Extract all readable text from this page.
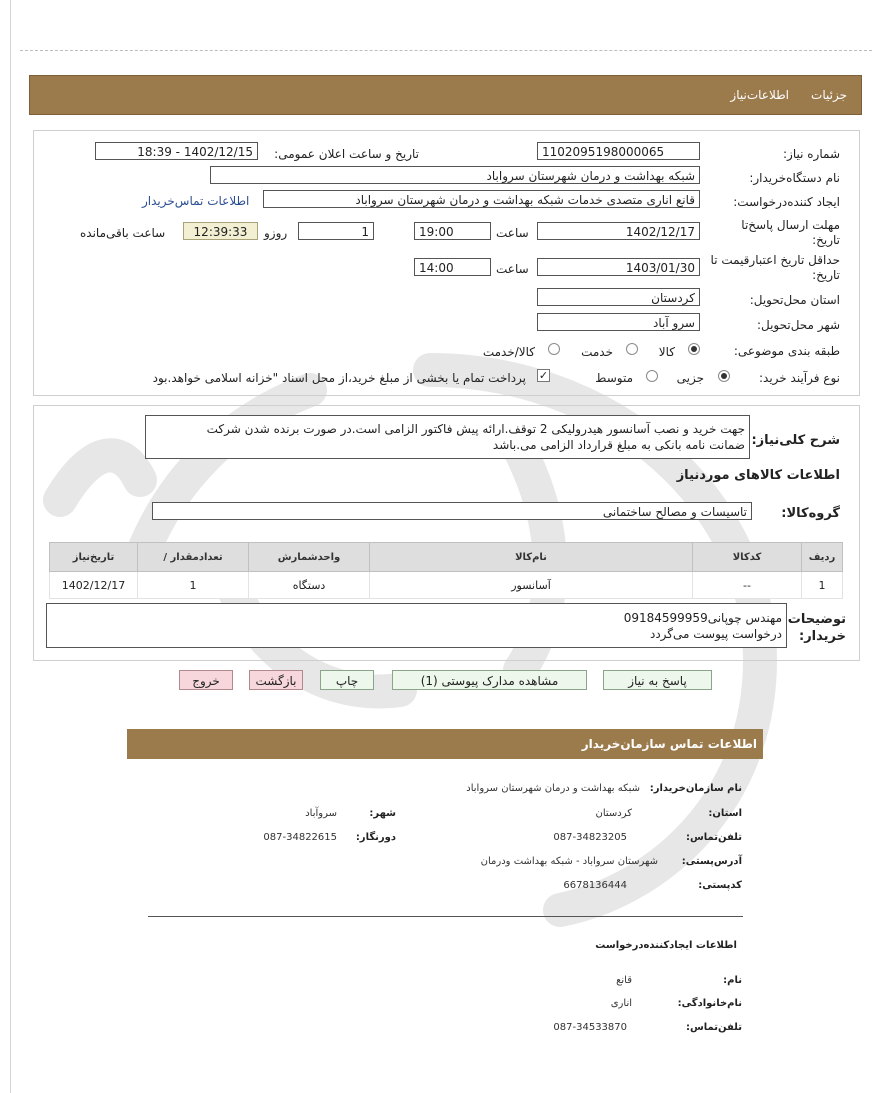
جزئیات
اطلاعات‌نیاز
شماره نیاز:
1102095198000065
تاریخ و ساعت اعلان عمومی:
1402/12/15 - 18:39
نام دستگاه‌خریدار:
شبکه بهداشت و درمان شهرستان سرواباد
ایجاد کننده‌درخواست:
قانع اناری متصدی خدمات شبکه بهداشت و درمان شهرستان سرواباد
اطلاعات تماس‌خریدار
مهلت ارسال پاسخ‌تا تاریخ:
1402/12/17
ساعت
19:00
1
روزو
12:39:33
ساعت باقی‌مانده
حداقل تاریخ اعتبار‌قیمت تا تاریخ:
1403/01/30
ساعت
14:00
استان محل‌تحویل:
کردستان
شهر محل‌تحویل:
سرو آباد
طبقه بندی موضوعی:
کالا
خدمت
کالا/خدمت
نوع فرآیند خرید:
جزیی
متوسط
✓
پرداخت تمام یا بخشی از مبلغ خرید،از محل اسناد "خزانه اسلامی خواهد.بود
شرح کلی‌نیاز:
جهت خرید و نصب آسانسور هیدرولیکی 2 توقف.ارائه پیش فاکتور الزامی است.در صورت برنده شدن شرکت
ضمانت نامه بانکی به مبلغ قرارداد الزامی می.باشد
اطلاعات کالاهای موردنیاز
گروه‌کالا:
تاسیسات و مصالح ساختمانی
ردیف	کدکالا	نام‌کالا	واحدشمارش	تعدادمقدار /	تاریخ‌نیاز
1	--	آسانسور	دستگاه	1	1402/12/17
توضیحات
خریدار:
مهندس چوپانی09184599959
درخواست پیوست می‌گردد
پاسخ به نیاز
مشاهده مدارک پیوستی (1)
چاپ
بازگشت
خروج
اطلاعات تماس سازمان‌خریدار
نام سازمان‌خریدار:
شبکه بهداشت و درمان شهرستان سرواباد
استان:
کردستان
شهر:
سروآباد
تلفن‌تماس:
087-34823205
دورنگار:
087-34822615
آدرس‌پستی:
شهرستان سرواباد - شبکه بهداشت ودرمان
کدپستی:
6678136444
اطلاعات ایجادکننده‌درخواست
نام:
قانع
نام‌خانوادگی:
اناری
تلفن‌تماس:
087-34533870
